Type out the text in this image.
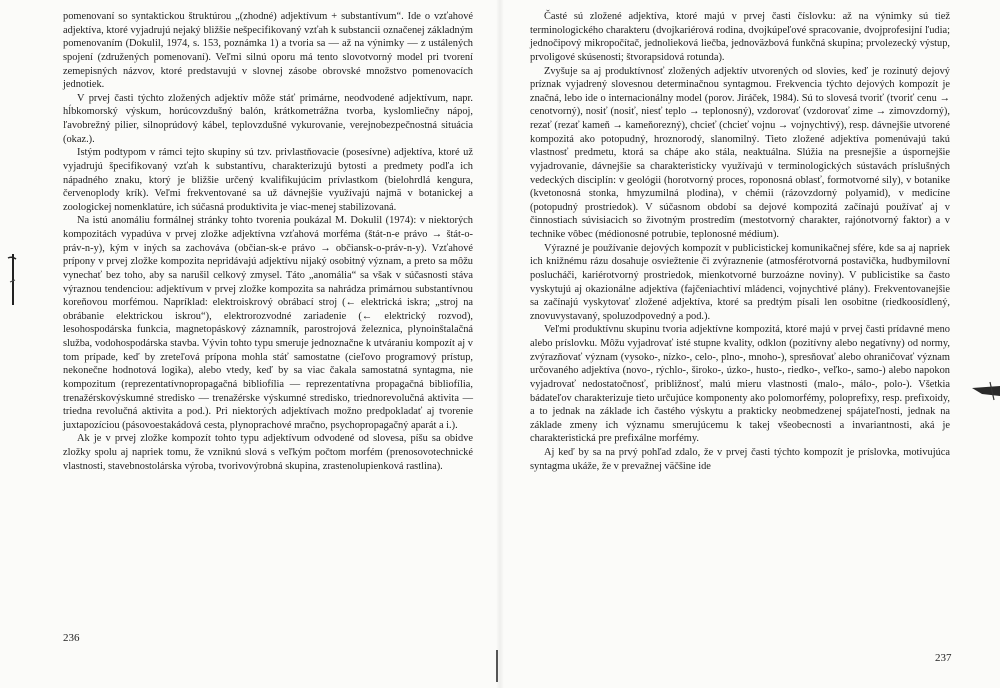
pomenovaní so syntaktickou štruktúrou „(zhodné) adjektívum + substantívum“. Ide o vzťahové adjektíva, ktoré vyjadrujú nejaký bližšie nešpecifikovaný vzťah k substancii označenej základným pomenovaním (Dokulil, 1974, s. 153, poznámka 1) a tvoria sa — až na výnimky — z ustálených spojení (združených pomenovaní). Veľmi silnú oporu má tento slovotvorný model pri tvorení zemepisných názvov, ktoré predstavujú v slovnej zásobe obrovské množstvo pomenovacích jednotiek.

V prvej časti týchto zložených adjektív môže stáť primárne, neodvodené adjektívum, napr. hĺbkomorský výskum, horúcovzdušný balón, krátkometrážna tvorba, kyslomliečny nápoj, ľavobrežný pilier, silnoprúdový kábel, teplovzdušné vykurovanie, verejnobezpečnostná situácia (okaz.).

Istým podtypom v rámci tejto skupiny sú tzv. privlastňovacie (posesívne) adjektíva, ktoré už vyjadrujú špecifikovaný vzťah k substantívu, charakterizujú bytosti a predmety podľa ich nápadného znaku, ktorý je bližšie určený kvalifikujúcim prívlastkom (bielohrdlá kengura, červenoplody krík). Veľmi frekventované sa už dávnejšie využívajú najmä v botanickej a zoologickej nomenklatúre, ich súčasná produktivita je viac-menej stabilizovaná.

Na istú anomáliu formálnej stránky tohto tvorenia poukázal M. Dokulil (1974): v niektorých kompozitách vypadúva v prvej zložke adjektívna vzťahová morféma (štát-n-e právo → štát-o-práv-n-y), kým v iných sa zachováva (občian-sk-e právo → občiansk-o-práv-n-y). Vzťahové prípony v prvej zložke kompozita nepridávajú adjektívu nijaký osobitný význam, a preto sa môžu vynechať bez toho, aby sa narušil celkový zmysel. Táto „anomália“ sa však v súčasnosti stáva výraznou tendenciou: adjektívum v prvej zložke kompozita sa nahrádza primárnou substantívnou koreňovou morfémou. Napríklad: elektroiskrový obrábací stroj (← elektrická iskra; „stroj na obrábanie elektrickou iskrou“), elektrorozvodné zariadenie (← elektrický rozvod), lesohospodárska funkcia, magnetopáskový záznamník, parostrojová železnica, plynoinštalačná služba, vodohospodárska stavba. Vývin tohto typu smeruje jednoznačne k utváraniu kompozít aj v tom prípade, keď by zreteľová prípona mohla stáť samostatne (cieľovo programový prístup, nekonečne hodnotová logika), alebo vtedy, keď by sa viac čakala samostatná syntagma, nie kompozitum (reprezentatívnopropagačná bibliofília — reprezentatívna propagačná bibliofília, trenažérskovýskumné stredisko — trenažérske výskumné stredisko, triednorevolučná aktivita — triedna revolučná aktivita a pod.). Pri niektorých adjektívach možno predpokladať aj tvorenie juxtapozíciou (pásovoestakádová cesta, plynoprachové mračno, psychopropagačný aparát a i.).

Ak je v prvej zložke kompozít tohto typu adjektívum odvodené od slovesa, píšu sa obidve zložky spolu aj napriek tomu, že vzniknú slová s veľkým počtom morfém (prenosovotechnické vlastnosti, stavebnostolárska výroba, tvorivovýrobná skupina, zrastenolupienková rastlina).

236

Časté sú zložené adjektíva, ktoré majú v prvej časti číslovku: až na výnimky sú tiež terminologického charakteru (dvojkariérová rodina, dvojkúpeľové spracovanie, dvojprofesijní ľudia; jednočipový mikropočítač, jednolieková liečba, jednoväzbová funkčná skupina; prvolezecký výstup, prvoligové skúsenosti; štvorapsidová rotunda).

Zvyšuje sa aj produktívnosť zložených adjektív utvorených od slovies, keď je rozinutý dejový príznak vyjadrený slovesnou determinačnou syntagmou. Frekvencia týchto dejových kompozít je značná, lebo ide o internacionálny model (porov. Jiráček, 1984). Sú to slovesá tvoriť (tvoriť cenu → cenotvorný), nosiť (nosiť, niesť teplo → teplonosný), vzdorovať (vzdorovať zime → zimovzdorný), rezať (rezať kameň → kameňorezný), chcieť (chcieť vojnu → vojnychtivý), resp. dávnejšie utvorené kompozitá ako potopudný, hroznorodý, slanomilný. Tieto zložené adjektíva pomenúvajú takú vlastnosť predmetu, ktorá sa chápe ako stála, neaktuálna. Slúžia na presnejšie a úspornejšie vyjadrovanie, dávnejšie sa charakteristicky využívajú v terminologických sústavách príslušných vedeckých disciplín: v geológii (horotvorný proces, roponosná oblasť, formotvorné sily), v botanike (kvetonosná stonka, hmyzumilná plodina), v chémii (rázovzdorný polyamid), v medicíne (potopudný prostriedok). V súčasnom období sa dejové kompozitá začínajú používať aj v činnostiach súvisiacich so životným prostredím (mestotvorný charakter, rajónotvorný faktor) a v technike vôbec (médionosné potrubie, teplonosné médium).

Výrazné je používanie dejových kompozít v publicistickej komunikačnej sfére, kde sa aj napriek ich knižnému rázu dosahuje osviežtenie či zvýraznenie (atmosférotvorná postavička, hudbymilovní poslucháči, kariérotvorný prostriedok, mienkotvorné burzoázne noviny). V publicistike sa často vyskytujú aj okazionálne adjektíva (fajčeniachtiví mládenci, vojnychtivé plány). Frekventovanejšie sa začínajú vyskytovať zložené adjektíva, ktoré sa predtým písali len osobitne (riedkoosídlený, znovuvystavaný, spoluzodpovedný a pod.).

Veľmi produktívnu skupinu tvoria adjektívne kompozitá, ktoré majú v prvej časti prídavné meno alebo príslovku. Môžu vyjadrovať isté stupne kvality, odklon (pozitívny alebo negatívny) od normy, zvýrazňovať význam (vysoko-, nízko-, celo-, plno-, mnoho-), spresňovať alebo ohraničovať význam určovaného adjektíva (novo-, rýchlo-, široko-, úzko-, husto-, riedko-, veľko-, samo-) alebo napokon vyjadrovať nedostatočnosť, približnosť, malú mieru vlastnosti (malo-, málo-, polo-). Všetkia bádateľov charakterizuje tieto určujúce komponenty ako polomorfémy, poloprefixy, resp. prefixoidy, a to jednak na základe ich častého výskytu a prakticky neobmedzenej spájateľnosti, jednak na základe zmeny ich významu smerujúcemu k takej všeobecnosti a invariantnosti, aká je charakteristická pre prefixálne morfémy.

Aj keď by sa na prvý pohľad zdalo, že v prvej časti týchto kompozít je príslovka, motivujúca syntagma ukáže, že v prevažnej väčšine ide

237
